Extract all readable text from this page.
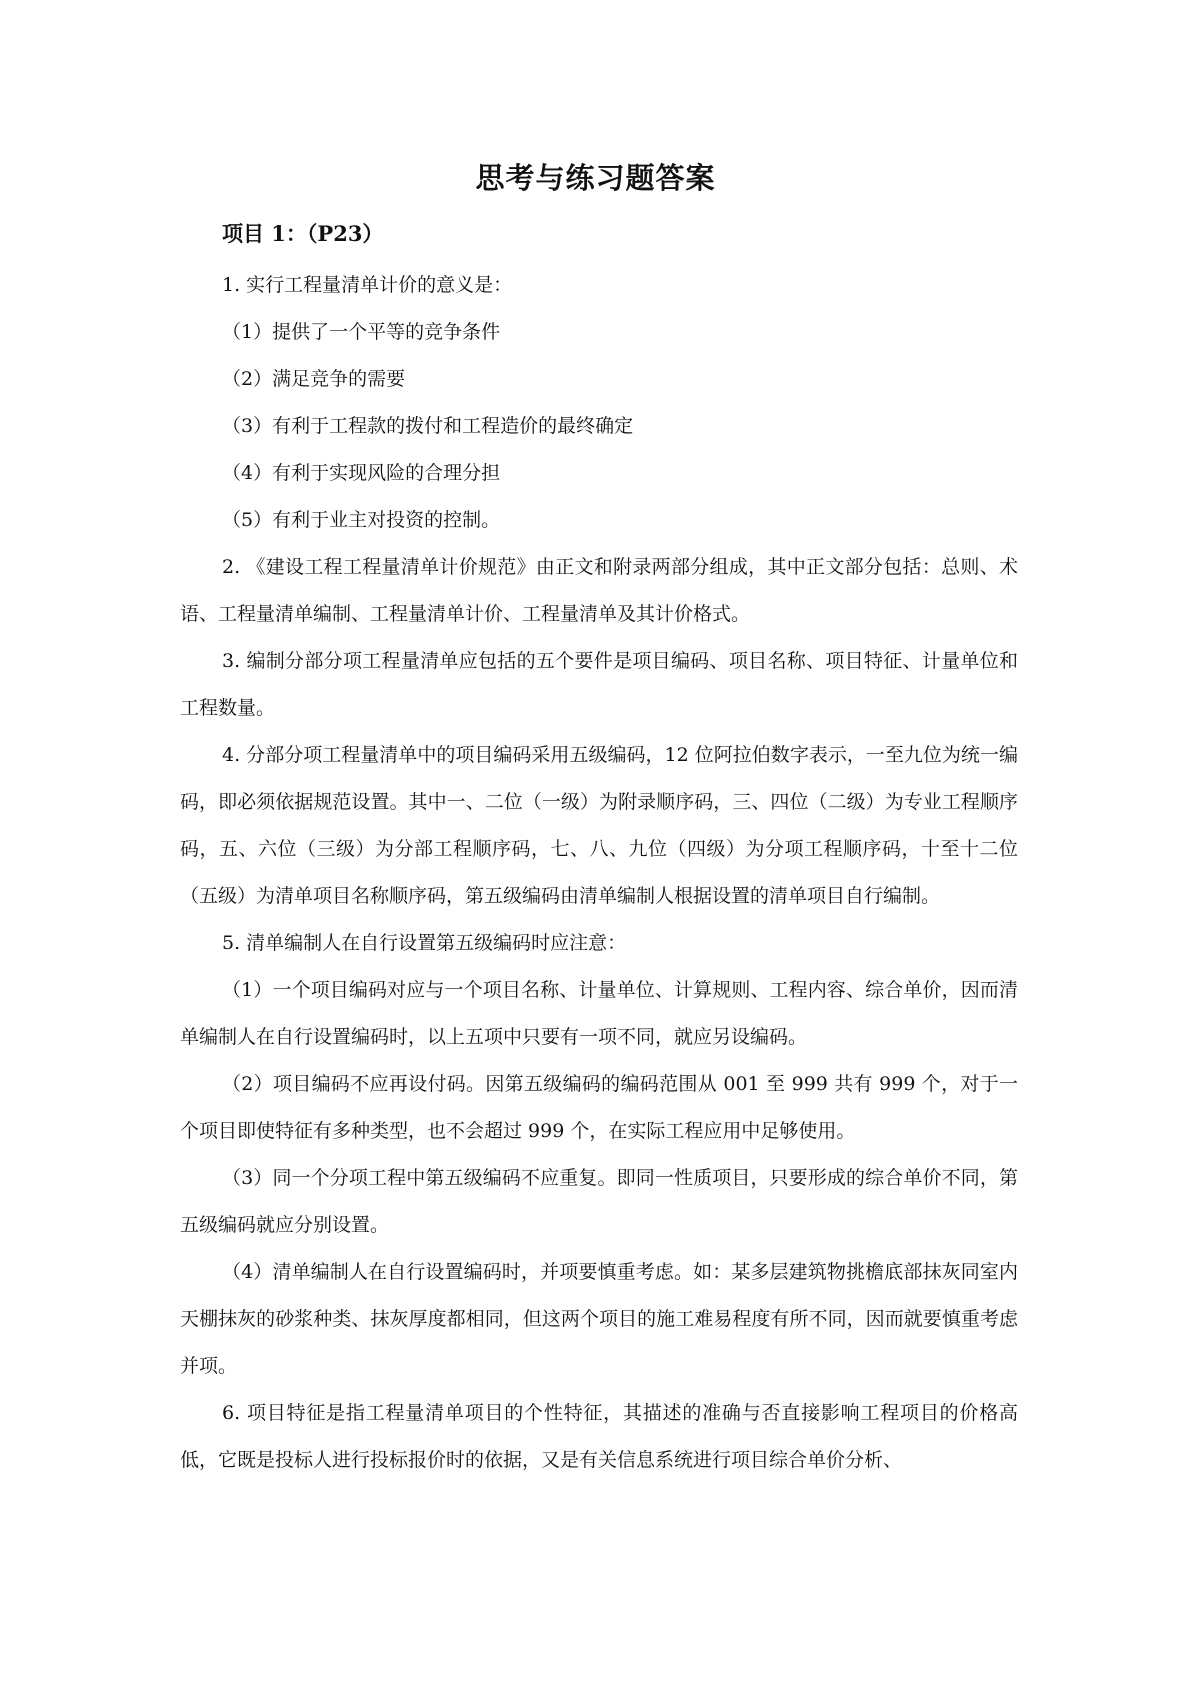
思考与练习题答案
项目 1：（P23）

1. 实行工程量清单计价的意义是：

（1）提供了一个平等的竞争条件

（2）满足竞争的需要

（3）有利于工程款的拨付和工程造价的最终确定

（4）有利于实现风险的合理分担

（5）有利于业主对投资的控制。

2. 《建设工程工程量清单计价规范》由正文和附录两部分组成，其中正文部分包括：总则、术语、工程量清单编制、工程量清单计价、工程量清单及其计价格式。

3. 编制分部分项工程量清单应包括的五个要件是项目编码、项目名称、项目特征、计量单位和工程数量。

4. 分部分项工程量清单中的项目编码采用五级编码，12 位阿拉伯数字表示，一至九位为统一编码，即必须依据规范设置。其中一、二位（一级）为附录顺序码，三、四位（二级）为专业工程顺序码，五、六位（三级）为分部工程顺序码，七、八、九位（四级）为分项工程顺序码，十至十二位（五级）为清单项目名称顺序码，第五级编码由清单编制人根据设置的清单项目自行编制。

5. 清单编制人在自行设置第五级编码时应注意：

（1）一个项目编码对应与一个项目名称、计量单位、计算规则、工程内容、综合单价，因而清单编制人在自行设置编码时，以上五项中只要有一项不同，就应另设编码。

（2）项目编码不应再设付码。因第五级编码的编码范围从 001 至 999 共有 999 个，对于一个项目即使特征有多种类型，也不会超过 999 个，在实际工程应用中足够使用。

（3）同一个分项工程中第五级编码不应重复。即同一性质项目，只要形成的综合单价不同，第五级编码就应分别设置。

（4）清单编制人在自行设置编码时，并项要慎重考虑。如：某多层建筑物挑檐底部抹灰同室内天棚抹灰的砂浆种类、抹灰厚度都相同，但这两个项目的施工难易程度有所不同，因而就要慎重考虑并项。

6. 项目特征是指工程量清单项目的个性特征，其描述的准确与否直接影响工程项目的价格高低，它既是投标人进行投标报价时的依据，又是有关信息系统进行项目综合单价分析、
